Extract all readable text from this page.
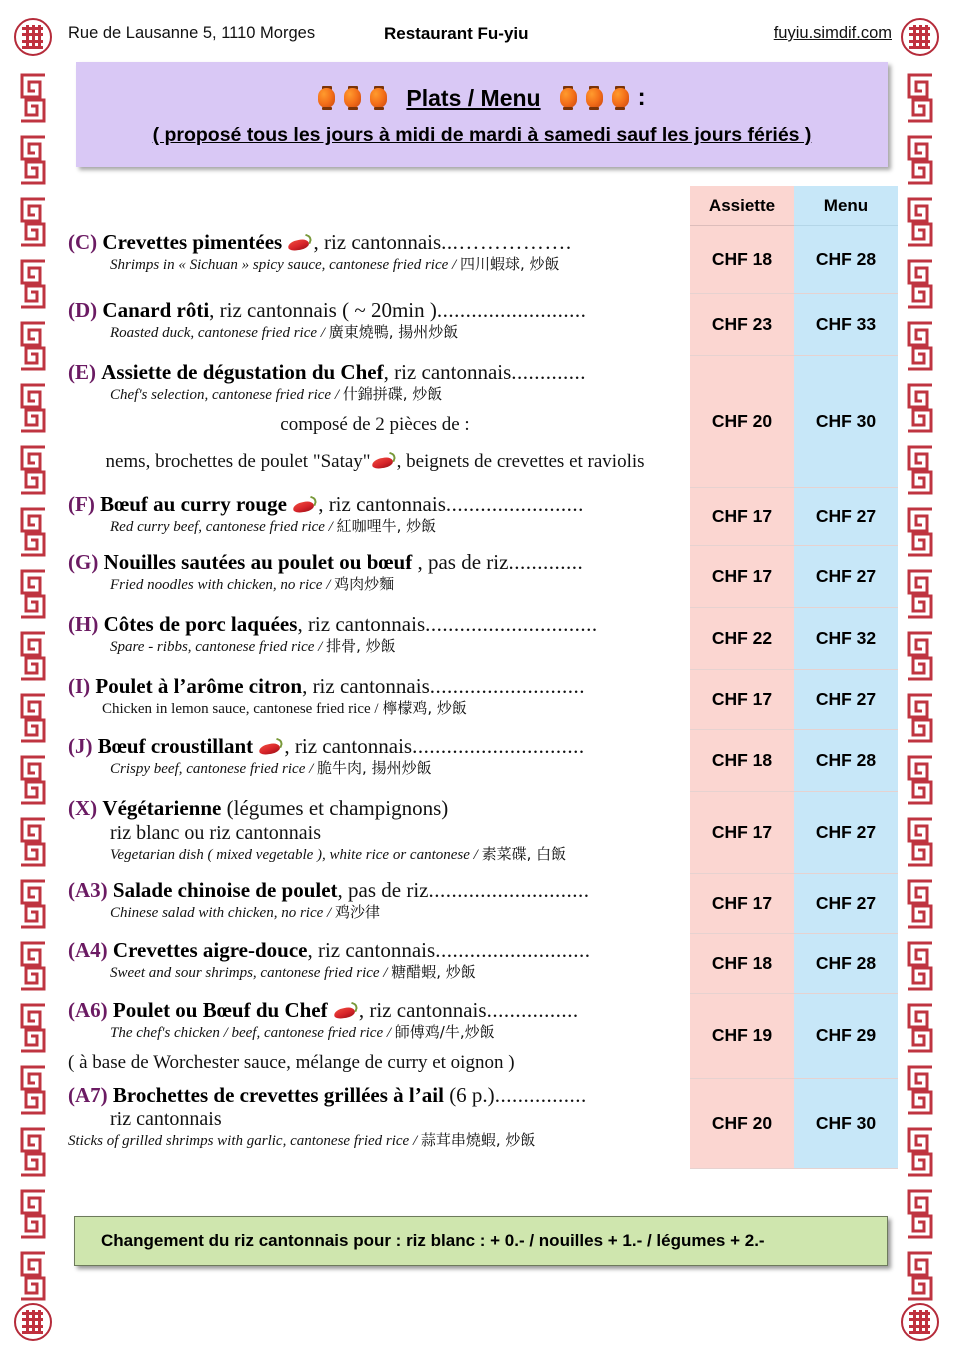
Rue de Lausanne 5, 1110 Morges	Restaurant Fu-yiu	fuyiu.simdif.com
Plats / Menu	:
( proposé tous les jours à midi de mardi à samedi sauf les jours fériés )
Assiette	Menu
(C) Crevettes pimentées , riz cantonnais...…………….
Shrimps in « Sichuan » spicy sauce, cantonese fried rice / 四川蝦球, 炒飯	CHF 18	CHF 28
(D) Canard rôti, riz cantonnais ( ~ 20min )..........................
Roasted duck, cantonese fried rice / 廣東燒鴨, 揚州炒飯	CHF 23	CHF 33
(E) Assiette de dégustation du Chef, riz cantonnais.............
Chef's selection, cantonese fried rice / 什錦拼碟, 炒飯
composé de 2 pièces de :
nems, brochettes de poulet "Satay" , beignets de crevettes et raviolis
CHF 20	CHF 30
(F) Bœuf au curry rouge , riz cantonnais........................
Red curry beef, cantonese fried rice / 紅咖哩牛, 炒飯	CHF 17	CHF 27
(G) Nouilles sautées au poulet ou bœuf , pas de riz.............
Fried noodles with chicken, no rice / 鸡肉炒麵	CHF 17	CHF 27
(H) Côtes de porc laquées, riz cantonnais..............................
Spare - ribbs, cantonese fried rice / 排骨, 炒飯	CHF 22	CHF 32
(I) Poulet à l’arôme citron, riz cantonnais...........................
Chicken in lemon sauce, cantonese fried rice / 檸檬鸡, 炒飯	CHF 17	CHF 27
(J) Bœuf croustillant , riz cantonnais..............................
Crispy beef, cantonese fried rice / 脆牛肉, 揚州炒飯	CHF 18	CHF 28
(X) Végétarienne (légumes et champignons)
riz blanc ou riz cantonnais
Vegetarian dish ( mixed vegetable ), white rice or cantonese / 素菜碟, 白飯
CHF 17	CHF 27
(A3) Salade chinoise de poulet, pas de riz............................
Chinese salad with chicken, no rice / 鸡沙律	CHF 17	CHF 27
(A4) Crevettes aigre-douce, riz cantonnais...........................
Sweet and sour shrimps, cantonese fried rice / 糖醋蝦, 炒飯	CHF 18	CHF 28
(A6) Poulet ou Bœuf du Chef , riz cantonnais................
The chef's chicken / beef, cantonese fried rice / 師傅鸡/牛,炒飯
( à base de Worchester sauce, mélange de curry et oignon )
CHF 19	CHF 29
(A7) Brochettes de crevettes grillées à l’ail (6 p.)................
riz cantonnais
Sticks of grilled shrimps with garlic, cantonese fried rice / 蒜茸串燒蝦, 炒飯
CHF 20	CHF 30
Changement du riz cantonnais pour : riz blanc : + 0.- / nouilles + 1.- / légumes + 2.-
